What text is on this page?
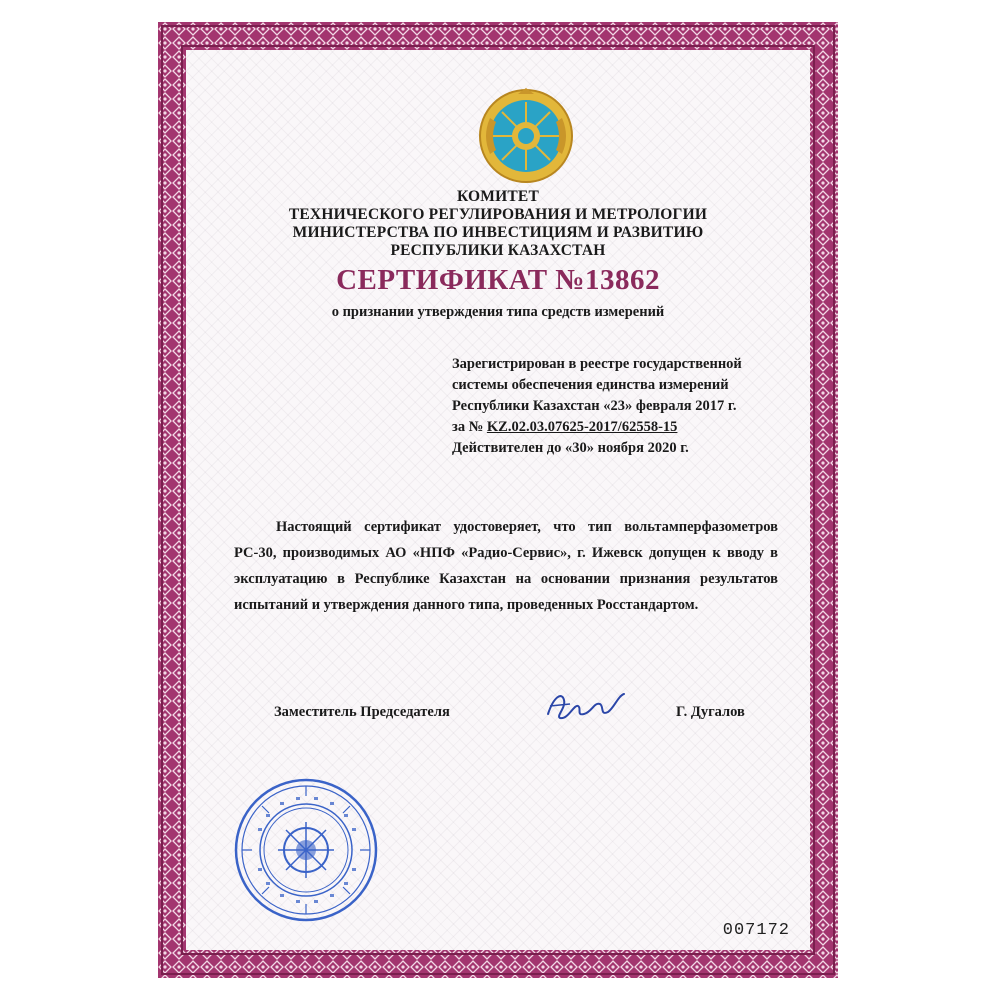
КОМИТЕТ
ТЕХНИЧЕСКОГО РЕГУЛИРОВАНИЯ И МЕТРОЛОГИИ
МИНИСТЕРСТВА ПО ИНВЕСТИЦИЯМ И РАЗВИТИЮ
РЕСПУБЛИКИ КАЗАХСТАН
СЕРТИФИКАТ №13862
о признании утверждения типа средств измерений
Зарегистрирован в реестре государственной
системы обеспечения единства измерений
Республики Казахстан «23» февраля 2017 г.
за № KZ.02.03.07625-2017/62558-15
Действителен до «30» ноября 2020 г.
Настоящий сертификат удостоверяет, что тип вольтамперфазометров РС-30, производимых АО «НПФ «Радио-Сервис», г. Ижевск допущен к вводу в эксплуатацию в Республике Казахстан на основании признания результатов испытаний и утверждения данного типа, проведенных Росстандартом.
Заместитель Председателя	Г. Дугалов
007172
